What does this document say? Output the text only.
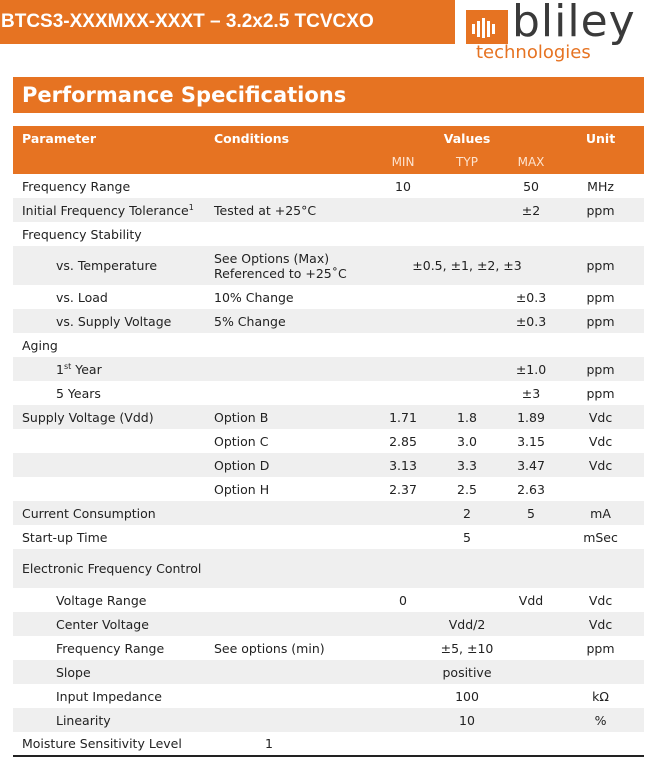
BTCS3-XXXMXX-XXXT – 3.2x2.5 TCVCXO	bliley
technologies
Performance Specifications
Parameter	Conditions	Values			Unit
		MIN	TYP	MAX	
Frequency Range		10		50	MHz
Initial Frequency Tolerance$^1$	Tested at +25°C			±2	ppm
Frequency Stability					
vs. Temperature	See Options (Max) Referenced to +25˚C	±0.5, ±1, ±2, ±3			ppm
vs. Load	10% Change			±0.3	ppm
vs. Supply Voltage	5% Change			±0.3	ppm
Aging					
1st Year				±1.0	ppm
5 Years				±3	ppm
Supply Voltage (Vdd)	Option B	1.71	1.8	1.89	Vdc
	Option C	2.85	3.0	3.15	Vdc
	Option D	3.13	3.3	3.47	Vdc
	Option H	2.37	2.5	2.63	
Current Consumption			2	5	mA
Start-up Time			5		mSec
Electronic Frequency Control					
Voltage Range		0		Vdd	Vdc
Center Voltage			Vdd/2		Vdc
Frequency Range	See options (min)		±5, ±10		ppm
Slope			positive		
Input Impedance			100		kΩ
Linearity			10		%
Moisture Sensitivity Level	1				
